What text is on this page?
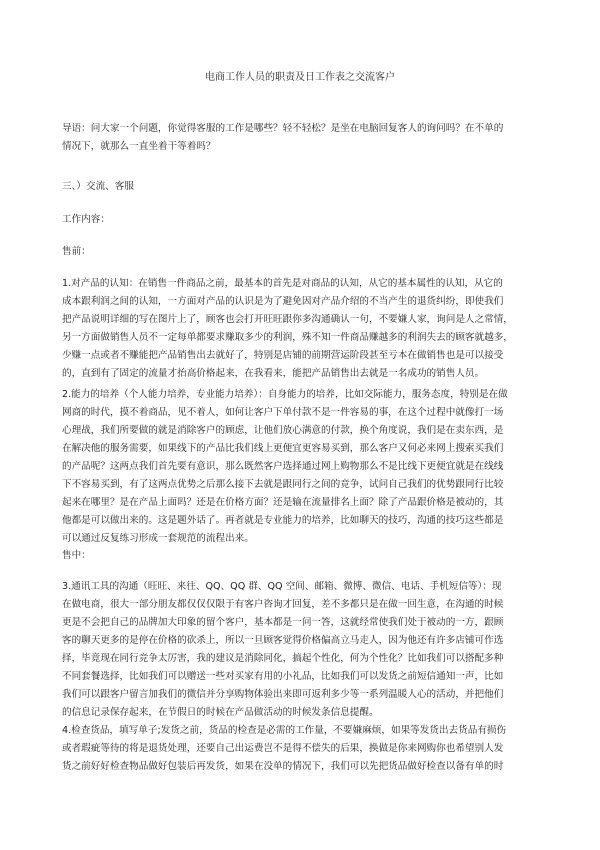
电商工作人员的职责及日工作表之交流客户
导语：问大家一个问题，你觉得客服的工作是哪些？轻不轻松？是坐在电脑回复客人的询问吗？在不单的
情况下，就那么一直坐着干等着吗？
三、）交流、客服
工作内容：
售前：
1.对产品的认知：在销售一件商品之前，最基本的首先是对商品的认知，从它的基本属性的认知，从它的
成本跟利润之间的认知，一方面对产品的认识是为了避免因对产品介绍的不当产生的退货纠纷，即使我们
把产品说明详细的写在图片上了，顾客也会打开旺旺跟你多沟通确认一句，不要嫌人家，询问是人之常情，
另一方面做销售人员不一定每单都要求赚取多少的利润，殊不知一件商品赚越多的利润失去的顾客就越多，
少赚一点或者不赚能把产品销售出去就好了，特别是店铺的前期营运阶段甚至亏本在做销售也是可以接受
的，直到有了固定的流量才抬高价格起来，在我看来，能把产品销售出去就是一名成功的销售人员。
2.能力的培养（个人能力培养，专业能力培养）：自身能力的培养，比如交际能力，服务态度，特别是在做
网商的时代，摸不着商品，见不着人，如何让客户下单付款不是一件容易的事，在这个过程中就像打一场
心理战，我们所要做的就是消除客户的顾虑，让他们放心满意的付款，换个角度说，我们是在卖东西，是
在解决他的服务需要，如果线下的产品比我们线上更便宜更容易买到，那么客户又何必来网上搜索买我们
的产品呢？这两点我们首先要有意识，那么既然客户选择通过网上购物那么不是比线下更便宜就是在线线
下不容易买到，有了这两点优势之后那么接下去就是跟同行之间的竞争，试问自己我们的优势跟同行比较
起来在哪里？是在产品上面吗？还是在价格方面？还是输在流量排名上面？除了产品跟价格是被动的，其
他都是可以做出来的。这是题外话了。再者就是专业能力的培养，比如聊天的技巧，沟通的技巧这些都是
可以通过反复练习形成一套规范的流程出来。
售中：
3.通讯工具的沟通（旺旺、来往、QQ、QQ 群、QQ 空间、邮箱、微博、微信、电话、手机短信等）：现
在做电商，很大一部分朋友都仅仅仅限于有客户咨询才回复，差不多都只是在做一回生意，在沟通的时候
更是不会把自己的品牌加大印象的留个客户，基本都是一问一答，这就经常使我们处于被动的一方，跟顾
客的聊天更多的是停在价格的砍杀上，所以一旦顾客觉得价格偏高立马走人，因为他还有许多店铺可作选
择，毕竟现在同行竞争太厉害，我的建议是消除同化，搞起个性化，何为个性化？比如我们可以搭配多种
不同套餐选择，比如我们可以赠送一些对买家有用的小礼品，比如我们可以发货之前短信通知一声，比如
我们可以跟客户留言加我们的微信并分享购物体验出来即可返利多少等一系列温暖人心的活动，并把他们
的信息记录保存起来，在节假日的时候在产品做活动的时候发条信息提醒。
4.检查货品，填写单子;发货之前，货品的检查是必需的工作量，不要嫌麻烦，如果等发货出去货品有损伤
或者瑕疵等待的将是退货处理，还要自己出运费岂不是得不偿失的后果，换做是你来网购你也希望别人发
货之前好好检查物品做好包装后再发货，如果在没单的情况下，我们可以先把货品做好检查以备有单的时
